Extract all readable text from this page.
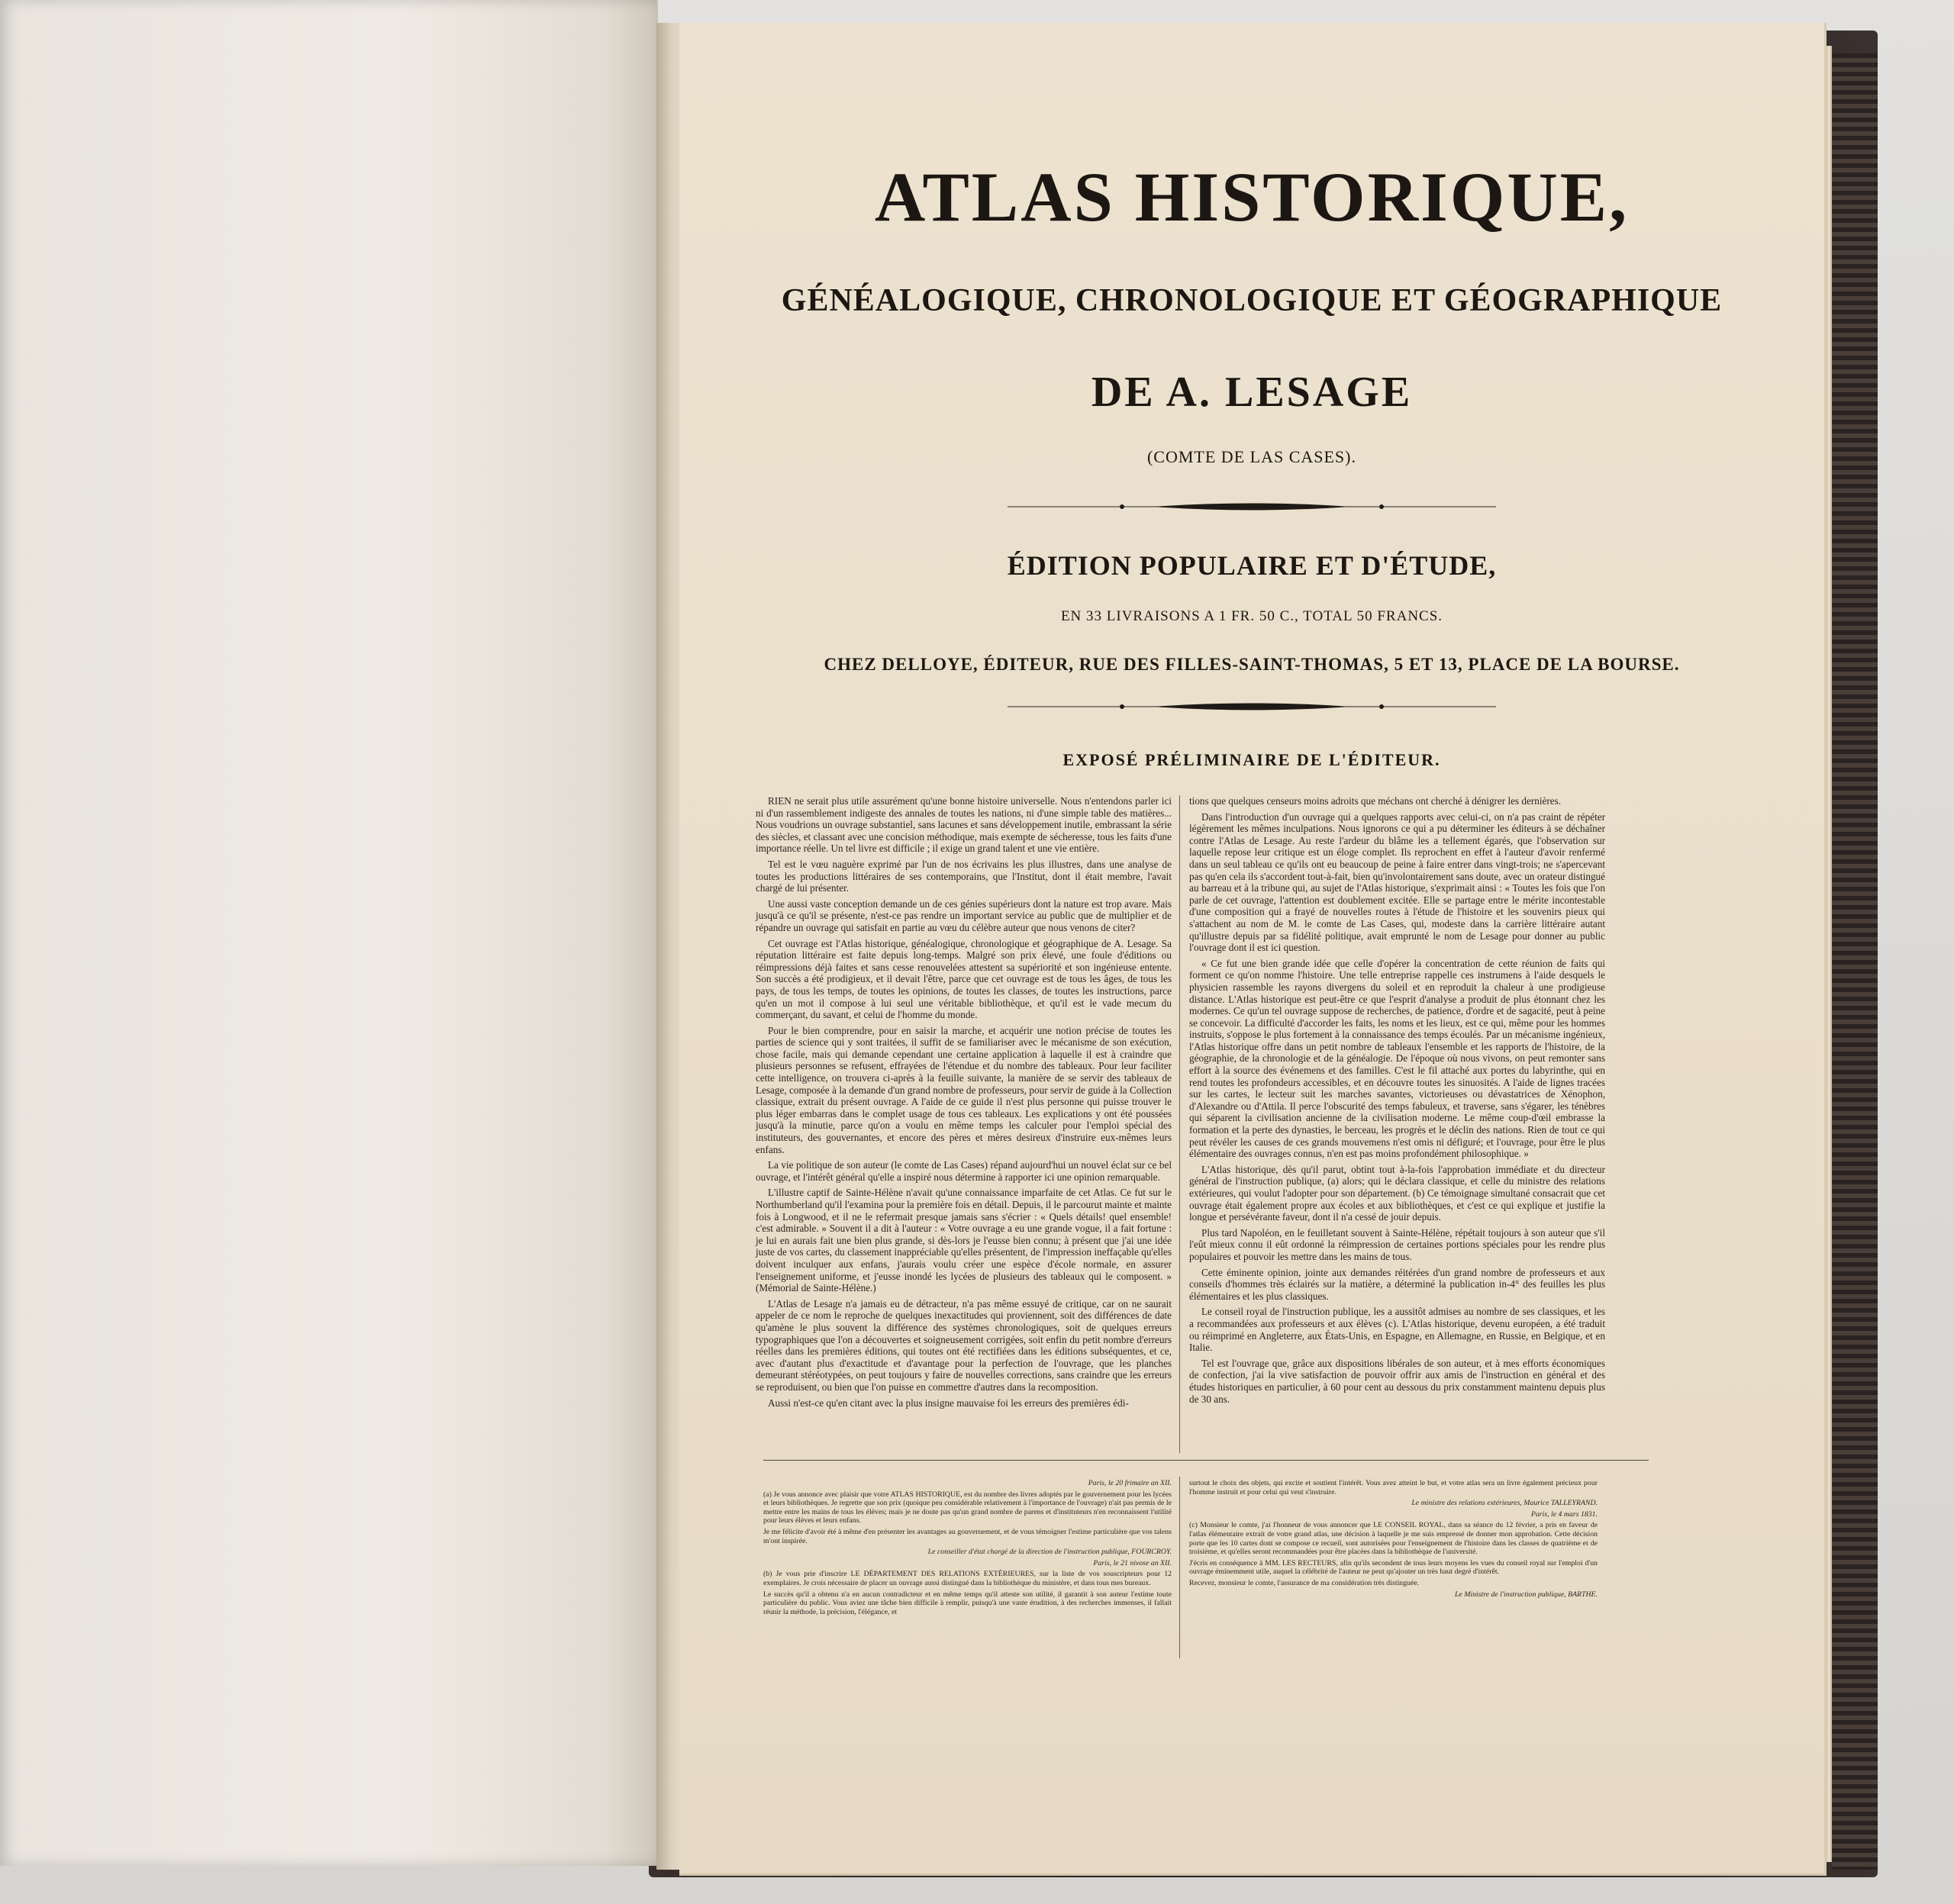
ATLAS HISTORIQUE,
GÉNÉALOGIQUE, CHRONOLOGIQUE ET GÉOGRAPHIQUE
DE A. LESAGE
(COMTE DE LAS CASES).
ÉDITION POPULAIRE ET D'ÉTUDE,
EN 33 LIVRAISONS A 1 FR. 50 C., TOTAL 50 FRANCS.
CHEZ DELLOYE, ÉDITEUR, RUE DES FILLES-SAINT-THOMAS, 5 ET 13, PLACE DE LA BOURSE.
EXPOSÉ PRÉLIMINAIRE DE L'ÉDITEUR.

RIEN ne serait plus utile assurément qu'une bonne histoire universelle. Nous n'entendons parler ici ni d'un rassemblement indigeste des annales de toutes les nations, ni d'une simple table des matières... Nous voudrions un ouvrage substantiel, sans lacunes et sans développement inutile, embrassant la série des siècles, et classant avec une concision méthodique, mais exempte de sécheresse, tous les faits d'une importance réelle. Un tel livre est difficile ; il exige un grand talent et une vie entière.

Tel est le vœu naguère exprimé par l'un de nos écrivains les plus illustres, dans une analyse de toutes les productions littéraires de ses contemporains, que l'Institut, dont il était membre, l'avait chargé de lui présenter.

Une aussi vaste conception demande un de ces génies supérieurs dont la nature est trop avare. Mais jusqu'à ce qu'il se présente, n'est-ce pas rendre un important service au public que de multiplier et de répandre un ouvrage qui satisfait en partie au vœu du célèbre auteur que nous venons de citer?

Cet ouvrage est l'Atlas historique, généalogique, chronologique et géographique de A. Lesage. Sa réputation littéraire est faite depuis long-temps. Malgré son prix élevé, une foule d'éditions ou réimpressions déjà faites et sans cesse renouvelées attestent sa supériorité et son ingénieuse entente. Son succès a été prodigieux, et il devait l'être, parce que cet ouvrage est de tous les âges, de tous les pays, de tous les temps, de toutes les opinions, de toutes les classes, de toutes les instructions, parce qu'en un mot il compose à lui seul une véritable bibliothèque, et qu'il est le vade mecum du commerçant, du savant, et celui de l'homme du monde.

Pour le bien comprendre, pour en saisir la marche, et acquérir une notion précise de toutes les parties de science qui y sont traitées, il suffit de se familiariser avec le mécanisme de son exécution, chose facile, mais qui demande cependant une certaine application à laquelle il est à craindre que plusieurs personnes se refusent, effrayées de l'étendue et du nombre des tableaux. Pour leur faciliter cette intelligence, on trouvera ci-après à la feuille suivante, la manière de se servir des tableaux de Lesage, composée à la demande d'un grand nombre de professeurs, pour servir de guide à la Collection classique, extrait du présent ouvrage. A l'aide de ce guide il n'est plus personne qui puisse trouver le plus léger embarras dans le complet usage de tous ces tableaux. Les explications y ont été poussées jusqu'à la minutie, parce qu'on a voulu en même temps les calculer pour l'emploi spécial des instituteurs, des gouvernantes, et encore des pères et mères desireux d'instruire eux-mêmes leurs enfans.

La vie politique de son auteur (le comte de Las Cases) répand aujourd'hui un nouvel éclat sur ce bel ouvrage, et l'intérêt général qu'elle a inspiré nous détermine à rapporter ici une opinion remarquable.

L'illustre captif de Sainte-Hélène n'avait qu'une connaissance imparfaite de cet Atlas. Ce fut sur le Northumberland qu'il l'examina pour la première fois en détail. Depuis, il le parcourut mainte et mainte fois à Longwood, et il ne le refermait presque jamais sans s'écrier : « Quels détails! quel ensemble! c'est admirable. » Souvent il a dit à l'auteur : « Votre ouvrage a eu une grande vogue, il a fait fortune : je lui en aurais fait une bien plus grande, si dès-lors je l'eusse bien connu; à présent que j'ai une idée juste de vos cartes, du classement inappréciable qu'elles présentent, de l'impression ineffaçable qu'elles doivent inculquer aux enfans, j'aurais voulu créer une espèce d'école normale, en assurer l'enseignement uniforme, et j'eusse inondé les lycées de plusieurs des tableaux qui le composent. » (Mémorial de Sainte-Hélène.)

L'Atlas de Lesage n'a jamais eu de détracteur, n'a pas même essuyé de critique, car on ne saurait appeler de ce nom le reproche de quelques inexactitudes qui proviennent, soit des différences de date qu'amène le plus souvent la différence des systèmes chronologiques, soit de quelques erreurs typographiques que l'on a découvertes et soigneusement corrigées, soit enfin du petit nombre d'erreurs réelles dans les premières éditions, qui toutes ont été rectifiées dans les éditions subséquentes, et ce, avec d'autant plus d'exactitude et d'avantage pour la perfection de l'ouvrage, que les planches demeurant stéréotypées, on peut toujours y faire de nouvelles corrections, sans craindre que les erreurs se reproduisent, ou bien que l'on puisse en commettre d'autres dans la recomposition.

Aussi n'est-ce qu'en citant avec la plus insigne mauvaise foi les erreurs des premières édi-

tions que quelques censeurs moins adroits que méchans ont cherché à dénigrer les dernières.

Dans l'introduction d'un ouvrage qui a quelques rapports avec celui-ci, on n'a pas craint de répéter légèrement les mêmes inculpations. Nous ignorons ce qui a pu déterminer les éditeurs à se déchaîner contre l'Atlas de Lesage. Au reste l'ardeur du blâme les a tellement égarés, que l'observation sur laquelle repose leur critique est un éloge complet. Ils reprochent en effet à l'auteur d'avoir renfermé dans un seul tableau ce qu'ils ont eu beaucoup de peine à faire entrer dans vingt-trois; ne s'apercevant pas qu'en cela ils s'accordent tout-à-fait, bien qu'involontairement sans doute, avec un orateur distingué au barreau et à la tribune qui, au sujet de l'Atlas historique, s'exprimait ainsi : « Toutes les fois que l'on parle de cet ouvrage, l'attention est doublement excitée. Elle se partage entre le mérite incontestable d'une composition qui a frayé de nouvelles routes à l'étude de l'histoire et les souvenirs pieux qui s'attachent au nom de M. le comte de Las Cases, qui, modeste dans la carrière littéraire autant qu'illustre depuis par sa fidélité politique, avait emprunté le nom de Lesage pour donner au public l'ouvrage dont il est ici question.

« Ce fut une bien grande idée que celle d'opérer la concentration de cette réunion de faits qui forment ce qu'on nomme l'histoire. Une telle entreprise rappelle ces instrumens à l'aide desquels le physicien rassemble les rayons divergens du soleil et en reproduit la chaleur à une prodigieuse distance. L'Atlas historique est peut-être ce que l'esprit d'analyse a produit de plus étonnant chez les modernes. Ce qu'un tel ouvrage suppose de recherches, de patience, d'ordre et de sagacité, peut à peine se concevoir. La difficulté d'accorder les faits, les noms et les lieux, est ce qui, même pour les hommes instruits, s'oppose le plus fortement à la connaissance des temps écoulés. Par un mécanisme ingénieux, l'Atlas historique offre dans un petit nombre de tableaux l'ensemble et les rapports de l'histoire, de la géographie, de la chronologie et de la généalogie. De l'époque où nous vivons, on peut remonter sans effort à la source des événemens et des familles. C'est le fil attaché aux portes du labyrinthe, qui en rend toutes les profondeurs accessibles, et en découvre toutes les sinuosités. A l'aide de lignes tracées sur les cartes, le lecteur suit les marches savantes, victorieuses ou dévastatrices de Xénophon, d'Alexandre ou d'Attila. Il perce l'obscurité des temps fabuleux, et traverse, sans s'égarer, les ténèbres qui séparent la civilisation ancienne de la civilisation moderne. Le même coup-d'œil embrasse la formation et la perte des dynasties, le berceau, les progrès et le déclin des nations. Rien de tout ce qui peut révéler les causes de ces grands mouvemens n'est omis ni défiguré; et l'ouvrage, pour être le plus élémentaire des ouvrages connus, n'en est pas moins profondément philosophique. »

L'Atlas historique, dès qu'il parut, obtint tout à-la-fois l'approbation immédiate et du directeur général de l'instruction publique, (a) alors; qui le déclara classique, et celle du ministre des relations extérieures, qui voulut l'adopter pour son département. (b) Ce témoignage simultané consacrait que cet ouvrage était également propre aux écoles et aux bibliothèques, et c'est ce qui explique et justifie la longue et persévérante faveur, dont il n'a cessé de jouir depuis.

Plus tard Napoléon, en le feuilletant souvent à Sainte-Hélène, répétait toujours à son auteur que s'il l'eût mieux connu il eût ordonné la réimpression de certaines portions spéciales pour les rendre plus populaires et pouvoir les mettre dans les mains de tous.

Cette éminente opinion, jointe aux demandes réitérées d'un grand nombre de professeurs et aux conseils d'hommes très éclairés sur la matière, a déterminé la publication in-4° des feuilles les plus élémentaires et les plus classiques.

Le conseil royal de l'instruction publique, les a aussitôt admises au nombre de ses classiques, et les a recommandées aux professeurs et aux élèves (c). L'Atlas historique, devenu européen, a été traduit ou réimprimé en Angleterre, aux États-Unis, en Espagne, en Allemagne, en Russie, en Belgique, et en Italie.

Tel est l'ouvrage que, grâce aux dispositions libérales de son auteur, et à mes efforts économiques de confection, j'ai la vive satisfaction de pouvoir offrir aux amis de l'instruction en général et des études historiques en particulier, à 60 pour cent au dessous du prix constamment maintenu depuis plus de 30 ans.

Paris, le 20 frimaire an XII.

(a) Je vous annonce avec plaisir que votre ATLAS HISTORIQUE, est du nombre des livres adoptés par le gouvernement pour les lycées et leurs bibliothèques. Je regrette que son prix (quoique peu considérable relativement à l'importance de l'ouvrage) n'ait pas permis de le mettre entre les mains de tous les élèves; mais je ne doute pas qu'un grand nombre de parens et d'instituteurs n'en reconnaissent l'utilité pour leurs élèves et leurs enfans.

Je me félicite d'avoir été à même d'en présenter les avantages au gouvernement, et de vous témoigner l'estime particulière que vos talens m'ont inspirée.

Le conseiller d'état chargé de la direction de l'instruction publique, FOURCROY.

Paris, le 21 nivose an XII.

(b) Je vous prie d'inscrire LE DÉPARTEMENT DES RELATIONS EXTÉRIEURES, sur la liste de vos souscripteurs pour 12 exemplaires. Je crois nécessaire de placer un ouvrage aussi distingué dans la bibliothèque du ministère, et dans tous mes bureaux.

Le succès qu'il a obtenu n'a en aucun contradicteur et en même temps qu'il atteste son utilité, il garantit à son auteur l'estime toute particulière du public. Vous aviez une tâche bien difficile à remplir, puisqu'à une vaste érudition, à des recherches immenses, il fallait réunir la méthode, la précision, l'élégance, et

surtout le choix des objets, qui excite et soutient l'intérêt. Vous avez atteint le but, et votre atlas sera un livre également précieux pour l'homme instruit et pour celui qui veut s'instruire.

Le ministre des relations extérieures, Maurice TALLEYRAND.

Paris, le 4 mars 1831.

(c) Monsieur le comte, j'ai l'honneur de vous annoncer que LE CONSEIL ROYAL, dans sa séance du 12 février, a pris en faveur de l'atlas élémentaire extrait de votre grand atlas, une décision à laquelle je me suis empressé de donner mon approbation. Cette décision porte que les 10 cartes dont se compose ce recueil, sont autorisées pour l'enseignement de l'histoire dans les classes de quatrième et de troisième, et qu'elles seront recommandées pour être placées dans la bibliothèque de l'université.

J'écris en conséquence à MM. LES RECTEURS, afin qu'ils secondent de tous leurs moyens les vues du conseil royal sur l'emploi d'un ouvrage éminemment utile, auquel la célébrité de l'auteur ne peut qu'ajouter un très haut degré d'intérêt.

Recevez, monsieur le comte, l'assurance de ma considération très distinguée.

Le Ministre de l'instruction publique, BARTHE.
